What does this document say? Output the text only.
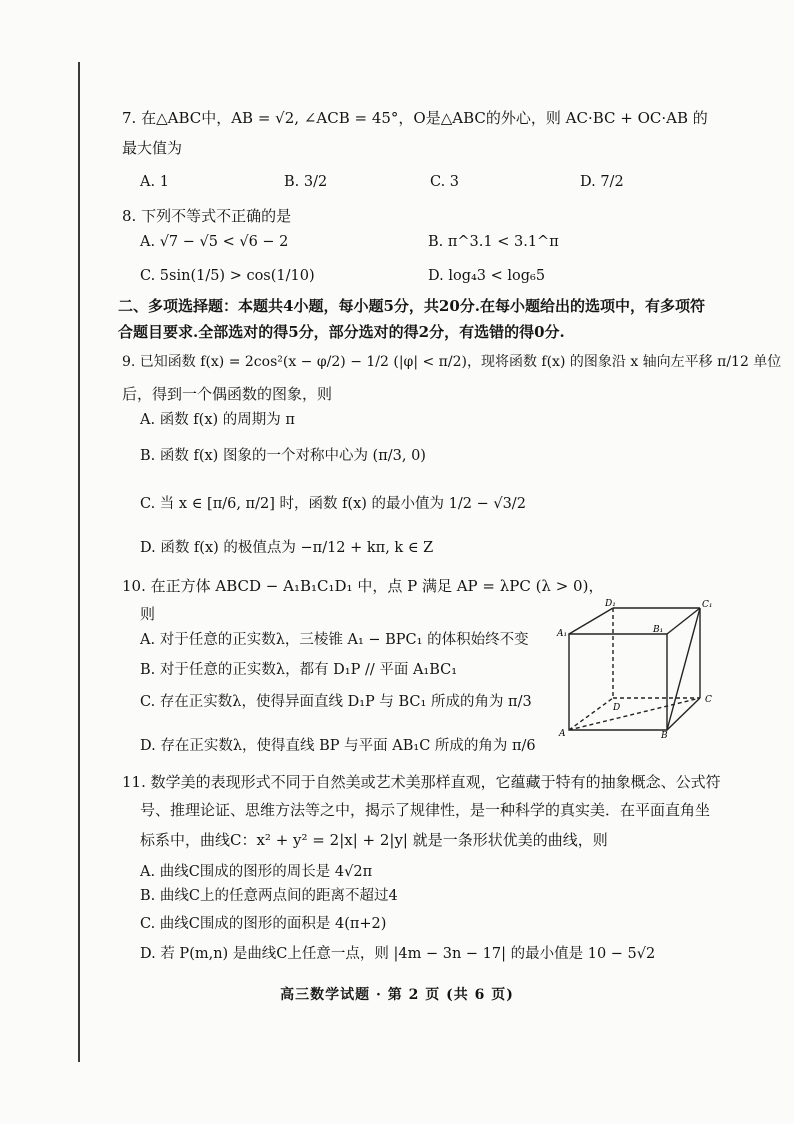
7. 在△ABC中，AB = √2, ∠ACB = 45°，O是△ABC的外心，则 AC·BC + OC·AB 的
最大值为
A. 1	B. 3/2	C. 3	D. 7/2
8. 下列不等式不正确的是
A. √7 − √5 < √6 − 2	B. π^3.1 < 3.1^π
C. 5sin(1/5) > cos(1/10)	D. log₄3 < log₆5
二、多项选择题：本题共4小题，每小题5分，共20分.在每小题给出的选项中，有多项符
合题目要求.全部选对的得5分，部分选对的得2分，有选错的得0分.
9. 已知函数 f(x) = 2cos²(x − φ/2) − 1/2 (|φ| < π/2)，现将函数 f(x) 的图象沿 x 轴向左平移 π/12 单位
后，得到一个偶函数的图象，则
A. 函数 f(x) 的周期为 π
B. 函数 f(x) 图象的一个对称中心为 (π/3, 0)
C. 当 x ∈ [π/6, π/2] 时，函数 f(x) 的最小值为 1/2 − √3/2
D. 函数 f(x) 的极值点为 −π/12 + kπ, k ∈ Z
10. 在正方体 ABCD − A₁B₁C₁D₁ 中，点 P 满足 AP = λPC (λ > 0)，
则
A. 对于任意的正实数λ，三棱锥 A₁ − BPC₁ 的体积始终不变
B. 对于任意的正实数λ，都有 D₁P // 平面 A₁BC₁
C. 存在正实数λ，使得异面直线 D₁P 与 BC₁ 所成的角为 π/3
D. 存在正实数λ，使得直线 BP 与平面 AB₁C 所成的角为 π/6
D₁	C₁
A₁	B₁
D
C
A	B
11. 数学美的表现形式不同于自然美或艺术美那样直观，它蕴藏于特有的抽象概念、公式符
号、推理论证、思维方法等之中，揭示了规律性，是一种科学的真实美．在平面直角坐
标系中，曲线C：x² + y² = 2|x| + 2|y| 就是一条形状优美的曲线，则
A. 曲线C围成的图形的周长是 4√2π
B. 曲线C上的任意两点间的距离不超过4
C. 曲线C围成的图形的面积是 4(π+2)
D. 若 P(m,n) 是曲线C上任意一点，则 |4m − 3n − 17| 的最小值是 10 − 5√2
高三数学试题 · 第 2 页 (共 6 页)
